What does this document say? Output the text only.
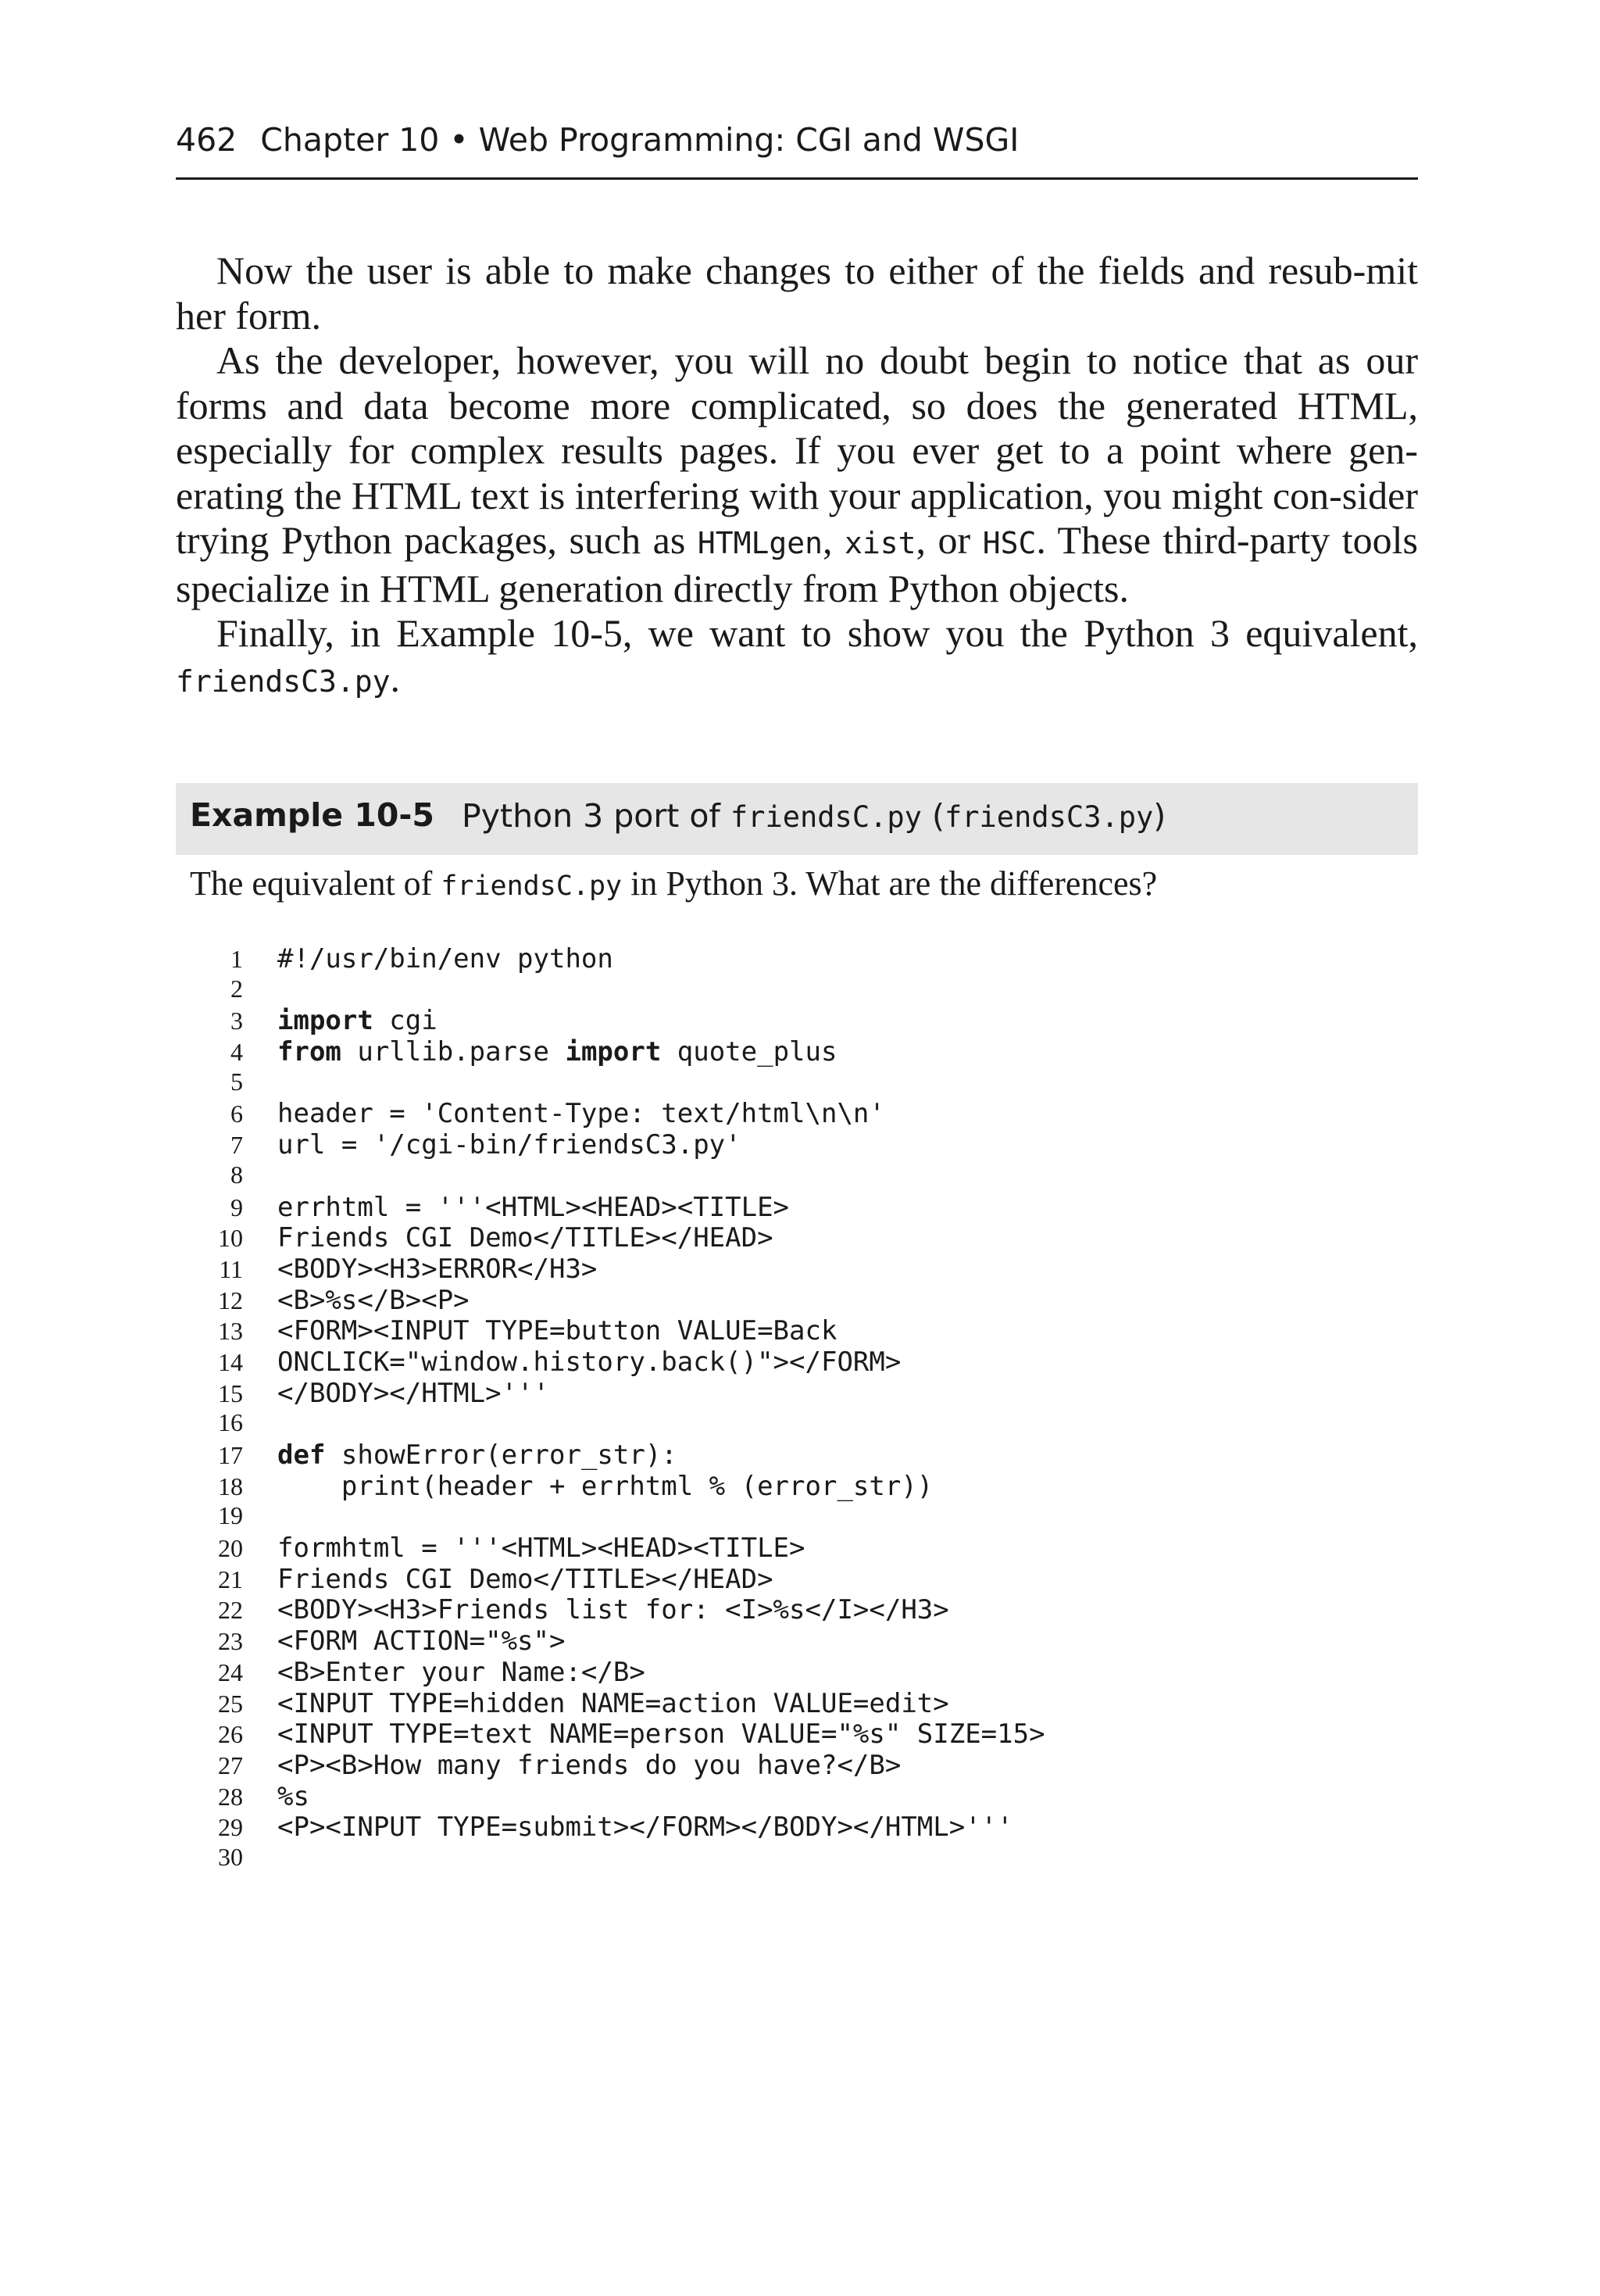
462 Chapter 10 • Web Programming: CGI and WSGI

Now the user is able to make changes to either of the fields and resub-mit her form.

As the developer, however, you will no doubt begin to notice that as our forms and data become more complicated, so does the generated HTML, especially for complex results pages. If you ever get to a point where gen-erating the HTML text is interfering with your application, you might con-sider trying Python packages, such as HTMLgen, xist, or HSC. These third-party tools specialize in HTML generation directly from Python objects.

Finally, in Example 10-5, we want to show you the Python 3 equivalent, friendsC3.py.

Example 10-5 Python 3 port of friendsC.py (friendsC3.py)
The equivalent of friendsC.py in Python 3. What are the differences?
1 #!/usr/bin/env python
2
3 import cgi
4 from urllib.parse import quote_plus
5
6 header = 'Content-Type: text/html\n\n'
7 url = '/cgi-bin/friendsC3.py'
8
9 errhtml = '''<HTML><HEAD><TITLE>
10 Friends CGI Demo</TITLE></HEAD>
11 <BODY><H3>ERROR</H3>
12 <B>%s</B><P>
13 <FORM><INPUT TYPE=button VALUE=Back
14 ONCLICK="window.history.back()"></FORM>
15 </BODY></HTML>'''
16
17 def showError(error_str):
18 print(header + errhtml % (error_str))
19
20 formhtml = '''<HTML><HEAD><TITLE>
21 Friends CGI Demo</TITLE></HEAD>
22 <BODY><H3>Friends list for: <I>%s</I></H3>
23 <FORM ACTION="%s">
24 <B>Enter your Name:</B>
25 <INPUT TYPE=hidden NAME=action VALUE=edit>
26 <INPUT TYPE=text NAME=person VALUE="%s" SIZE=15>
27 <P><B>How many friends do you have?</B>
28 %s
29 <P><INPUT TYPE=submit></FORM></BODY></HTML>'''
30
